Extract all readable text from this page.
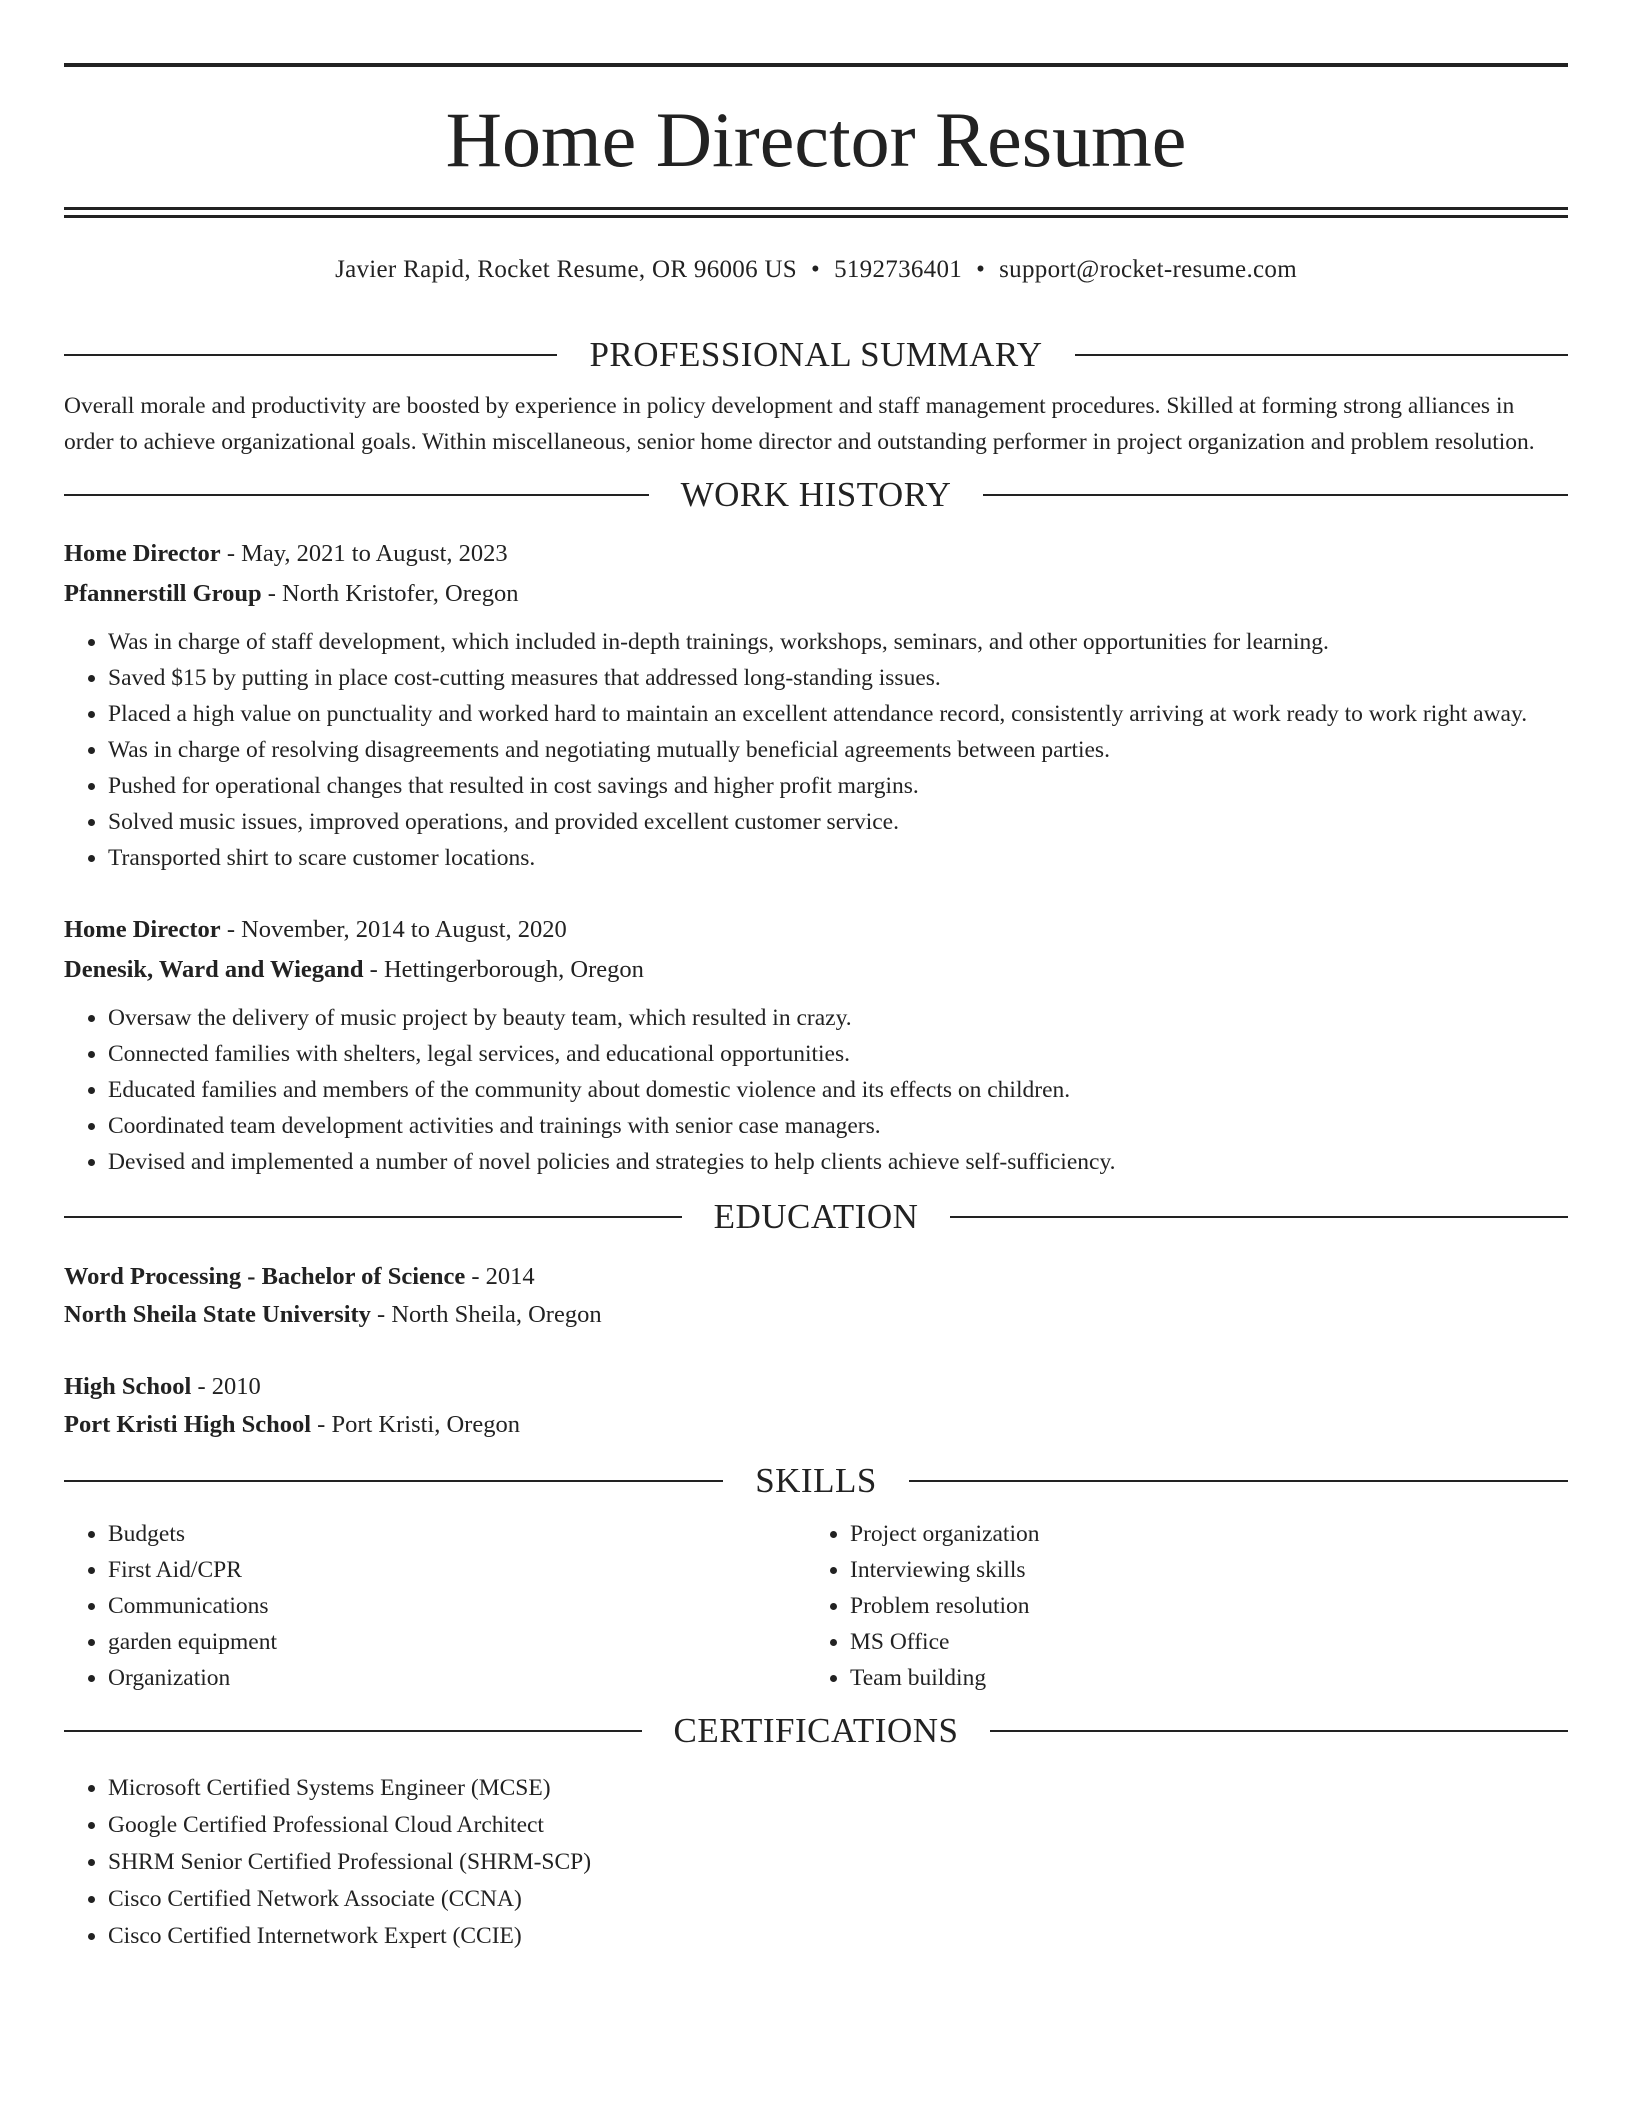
Home Director Resume
Javier Rapid, Rocket Resume, OR 96006 US • 5192736401 • support@rocket-resume.com
PROFESSIONAL SUMMARY
Overall morale and productivity are boosted by experience in policy development and staff management procedures. Skilled at forming strong alliances in order to achieve organizational goals. Within miscellaneous, senior home director and outstanding performer in project organization and problem resolution.
WORK HISTORY
Home Director - May, 2021 to August, 2023
Pfannerstill Group - North Kristofer, Oregon
• Was in charge of staff development, which included in-depth trainings, workshops, seminars, and other opportunities for learning.
• Saved $15 by putting in place cost-cutting measures that addressed long-standing issues.
• Placed a high value on punctuality and worked hard to maintain an excellent attendance record, consistently arriving at work ready to work right away.
• Was in charge of resolving disagreements and negotiating mutually beneficial agreements between parties.
• Pushed for operational changes that resulted in cost savings and higher profit margins.
• Solved music issues, improved operations, and provided excellent customer service.
• Transported shirt to scare customer locations.
Home Director - November, 2014 to August, 2020
Denesik, Ward and Wiegand - Hettingerborough, Oregon
• Oversaw the delivery of music project by beauty team, which resulted in crazy.
• Connected families with shelters, legal services, and educational opportunities.
• Educated families and members of the community about domestic violence and its effects on children.
• Coordinated team development activities and trainings with senior case managers.
• Devised and implemented a number of novel policies and strategies to help clients achieve self-sufficiency.
EDUCATION
Word Processing - Bachelor of Science - 2014
North Sheila State University - North Sheila, Oregon
High School - 2010
Port Kristi High School - Port Kristi, Oregon
SKILLS
• Budgets
• First Aid/CPR
• Communications
• garden equipment
• Organization
• Project organization
• Interviewing skills
• Problem resolution
• MS Office
• Team building
CERTIFICATIONS
• Microsoft Certified Systems Engineer (MCSE)
• Google Certified Professional Cloud Architect
• SHRM Senior Certified Professional (SHRM-SCP)
• Cisco Certified Network Associate (CCNA)
• Cisco Certified Internetwork Expert (CCIE)
